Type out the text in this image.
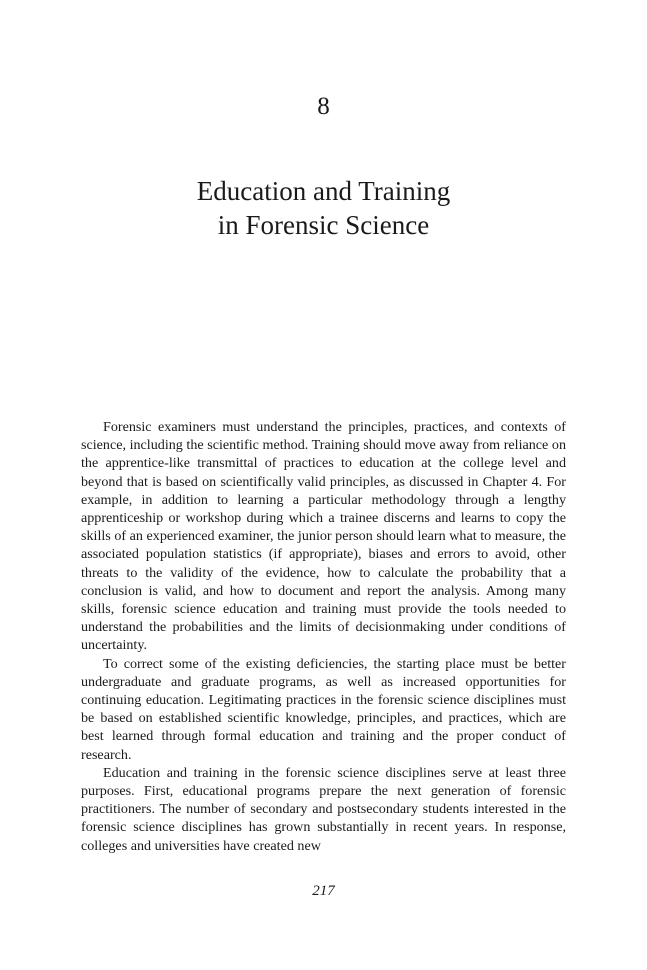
8
Education and Training
in Forensic Science

Forensic examiners must understand the principles, practices, and contexts of science, including the scientific method. Training should move away from reliance on the apprentice-like transmittal of practices to education at the college level and beyond that is based on scientifically valid principles, as discussed in Chapter 4. For example, in addition to learning a particular methodology through a lengthy apprenticeship or workshop during which a trainee discerns and learns to copy the skills of an experienced examiner, the junior person should learn what to measure, the associated population statistics (if appropriate), biases and errors to avoid, other threats to the validity of the evidence, how to calculate the probability that a conclusion is valid, and how to document and report the analysis. Among many skills, forensic science education and training must provide the tools needed to understand the probabilities and the limits of decisionmaking under conditions of uncertainty.

To correct some of the existing deficiencies, the starting place must be better undergraduate and graduate programs, as well as increased opportunities for continuing education. Legitimating practices in the forensic science disciplines must be based on established scientific knowledge, principles, and practices, which are best learned through formal education and training and the proper conduct of research.

Education and training in the forensic science disciplines serve at least three purposes. First, educational programs prepare the next generation of forensic practitioners. The number of secondary and postsecondary students interested in the forensic science disciplines has grown substantially in recent years. In response, colleges and universities have created new

217
